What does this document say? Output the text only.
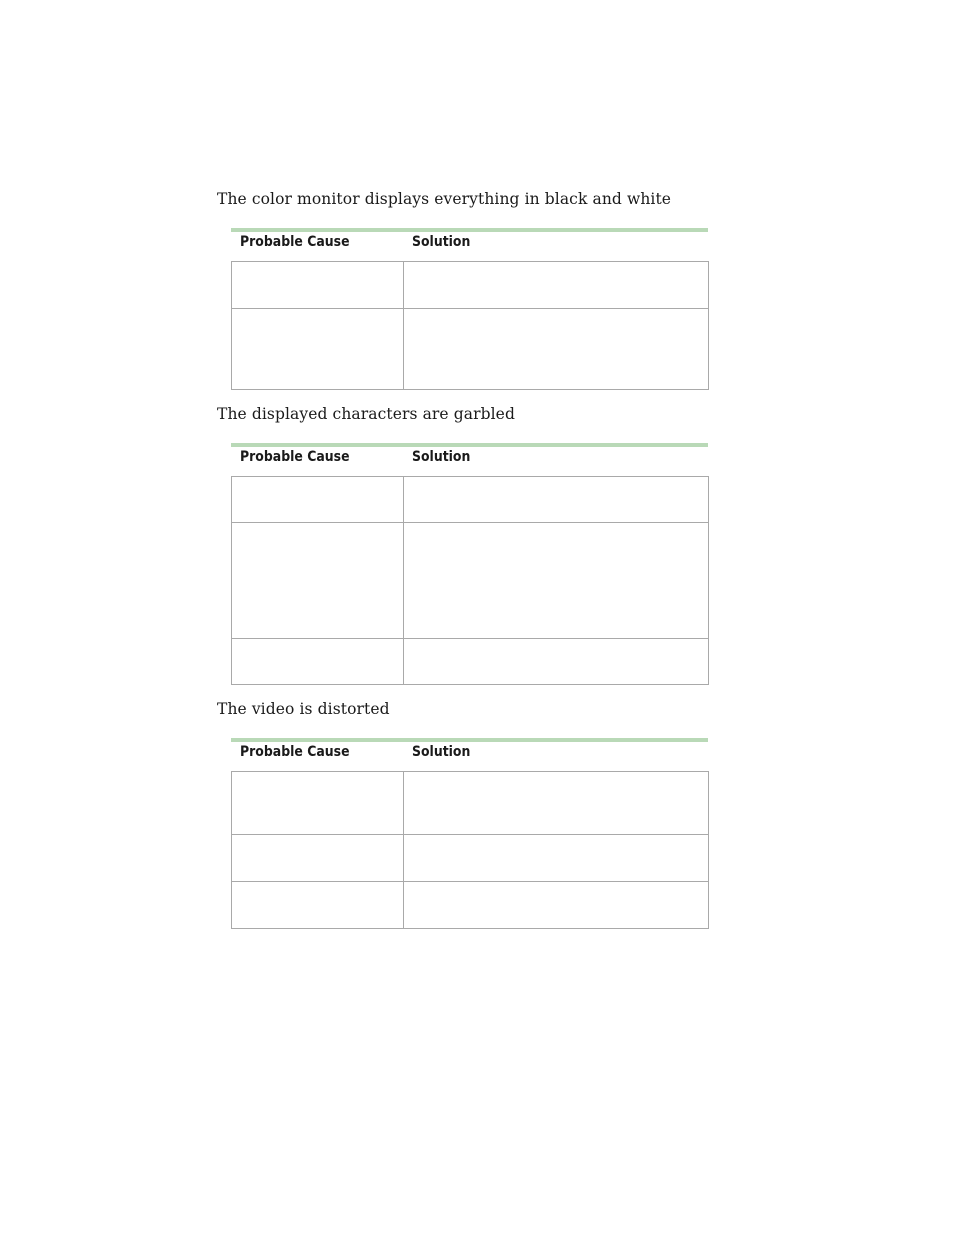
The color monitor displays everything in black and white
Probable Cause	Solution

The displayed characters are garbled
Probable Cause	Solution

The video is distorted
Probable Cause	Solution
